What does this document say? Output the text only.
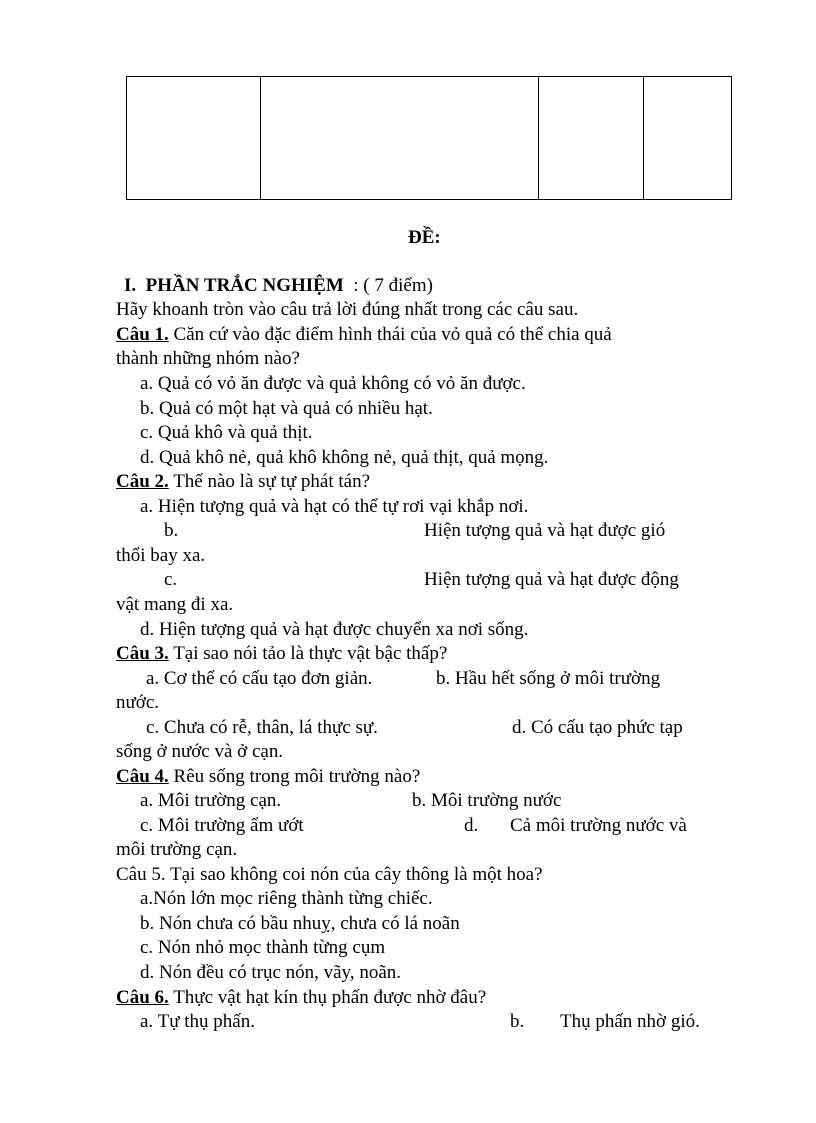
ĐỀ:
I. PHẦN TRẮC NGHIỆM : ( 7 điểm)
Hãy khoanh tròn vào câu trả lời đúng nhất trong các câu sau.
Câu 1. Căn cứ vào đặc điểm hình thái của vỏ quả có thể chia quả
thành những nhóm nào?
a. Quả có vỏ ăn được và quả không có vỏ ăn được.
b. Quả có một hạt và quả có nhiều hạt.
c. Quả khô và quả thịt.
d. Quả khô nẻ, quả khô không nẻ, quả thịt, quả mọng.
Câu 2. Thế nào là sự tự phát tán?
a. Hiện tượng quả và hạt có thể tự rơi vại khắp nơi.
b.	Hiện tượng quả và hạt được gió
thổi bay xa.
c.	Hiện tượng quả và hạt được động
vật mang đi xa.
d. Hiện tượng quả và hạt được chuyển xa nơi sống.
Câu 3. Tại sao nói tảo là thực vật bậc thấp?
a. Cơ thể có cấu tạo đơn giản.	b. Hầu hết sống ở môi trường
nước.
c. Chưa có rễ, thân, lá thực sự.	d. Có cấu tạo phức tạp
sống ở nước và ở cạn.
Câu 4. Rêu sống trong môi trường nào?
a. Môi trường cạn.	b. Môi trường nước
c. Môi trường ẩm ướt	d. Cả môi trường nước và
môi trường cạn.
Câu 5. Tại sao không coi nón của cây thông là một hoa?
a.Nón lớn mọc riêng thành từng chiếc.
b. Nón chưa có bầu nhuỵ, chưa có lá noãn
c. Nón nhỏ mọc thành từng cụm
d. Nón đều có trục nón, vãy, noãn.
Câu 6. Thực vật hạt kín thụ phấn được nhờ đâu?
a. Tự thụ phấn.	b. Thụ phấn nhờ gió.
